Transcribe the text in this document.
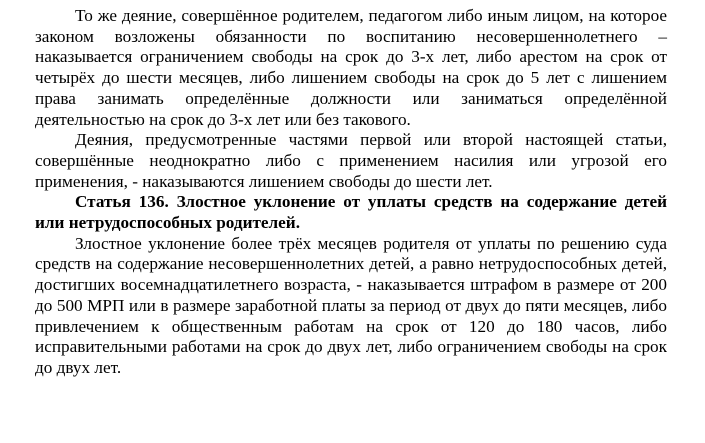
То же деяние, совершённое родителем, педагогом либо иным лицом, на которое законом возложены обязанности по воспитанию несовершеннолетнего – наказывается ограничением свободы на срок до 3-х лет, либо арестом на срок от четырёх до шести месяцев, либо лишением свободы на срок до 5 лет с лишением права занимать определённые должности или заниматься определённой деятельностью на срок до 3-х лет или без такового.

Деяния, предусмотренные частями первой или второй настоящей статьи, совершённые неоднократно либо с применением насилия или угрозой его применения, - наказываются лишением свободы до шести лет.

Статья 136. Злостное уклонение от уплаты средств на содержание детей или нетрудоспособных родителей.

Злостное уклонение более трёх месяцев родителя от уплаты по решению суда средств на содержание несовершеннолетних детей, а равно нетрудоспособных детей, достигших восемнадцатилетнего возраста, - наказывается штрафом в размере от 200 до 500 МРП или в размере заработной платы за период от двух до пяти месяцев, либо привлечением к общественным работам на срок от 120 до 180 часов, либо исправительными работами на срок до двух лет, либо ограничением свободы на срок до двух лет.
